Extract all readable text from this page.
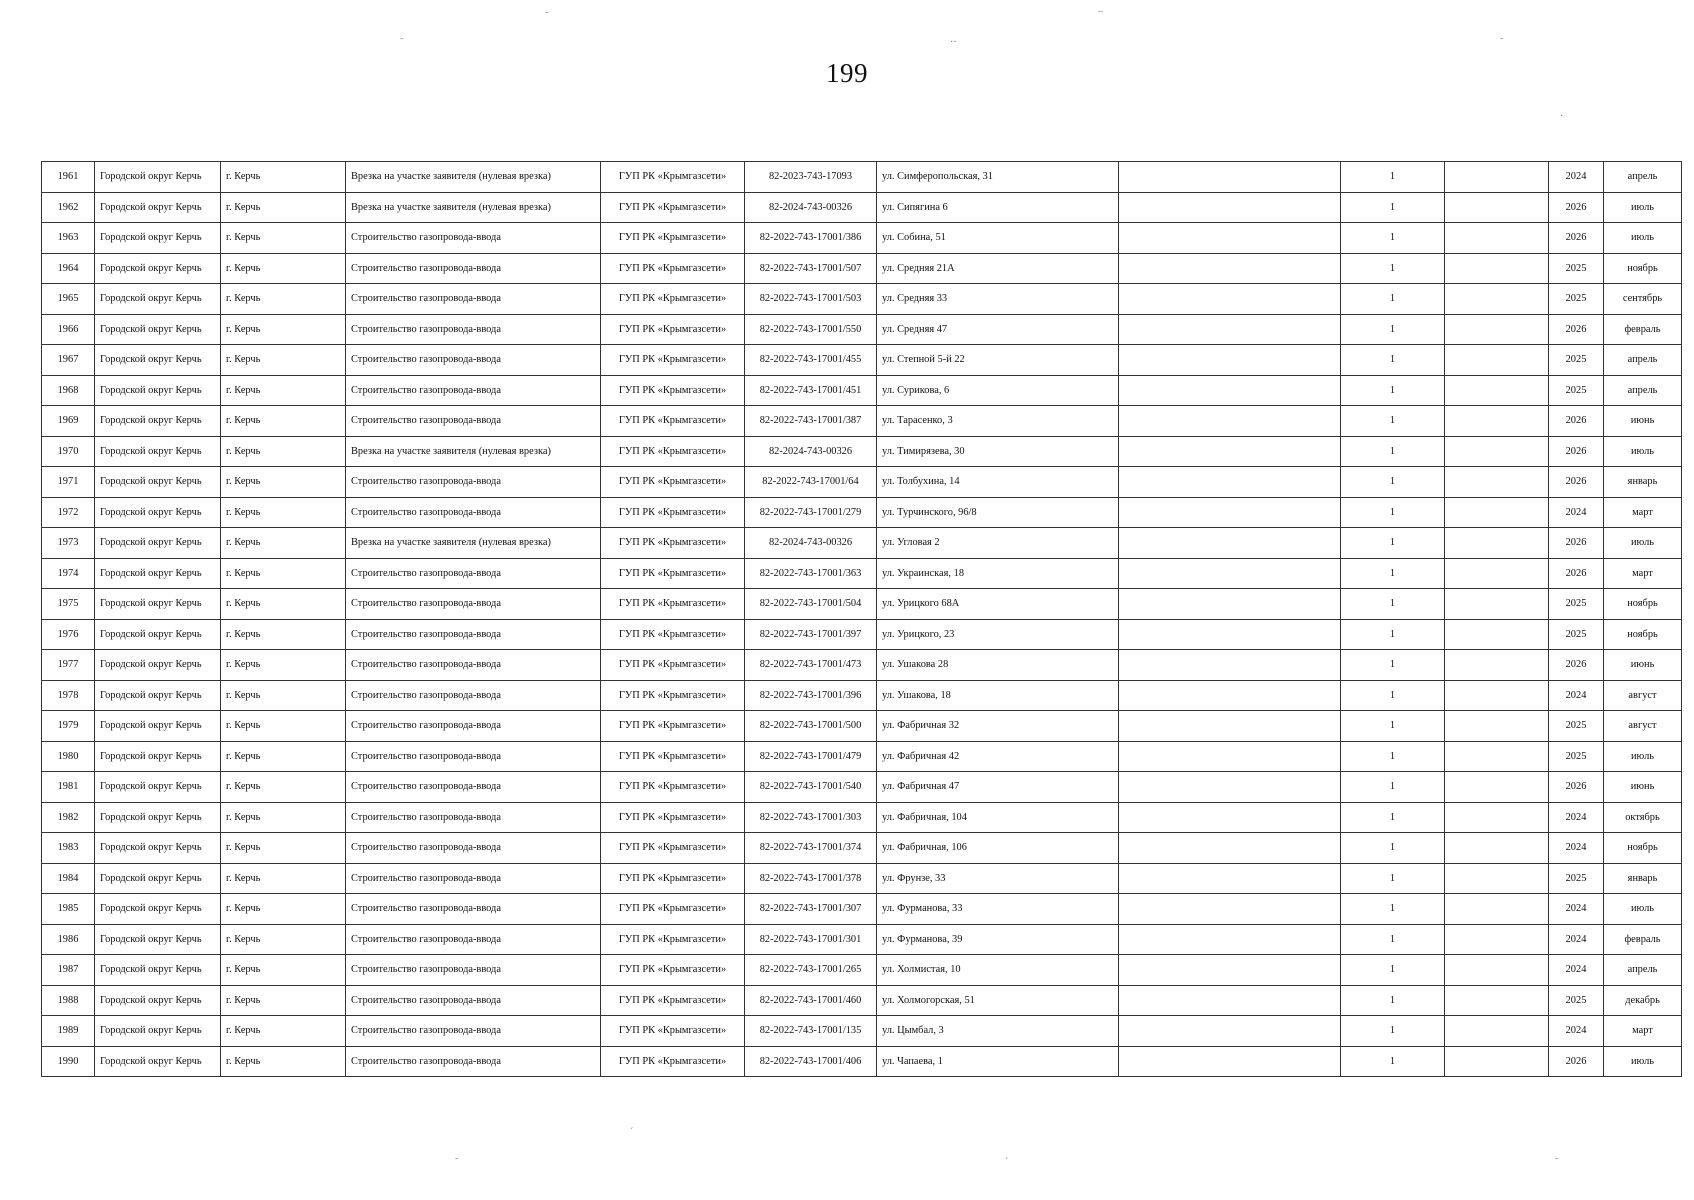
199
1961	Городской округ Керчь	г. Керчь	Врезка на участке заявителя (нулевая врезка)	ГУП РК «Крымгазсети»	82-2023-743-17093	ул. Симферопольская, 31		1		2024	апрель
1962	Городской округ Керчь	г. Керчь	Врезка на участке заявителя (нулевая врезка)	ГУП РК «Крымгазсети»	82-2024-743-00326	ул. Сипягина 6		1		2026	июль
1963	Городской округ Керчь	г. Керчь	Строительство газопровода-ввода	ГУП РК «Крымгазсети»	82-2022-743-17001/386	ул. Собина, 51		1		2026	июль
1964	Городской округ Керчь	г. Керчь	Строительство газопровода-ввода	ГУП РК «Крымгазсети»	82-2022-743-17001/507	ул. Средняя 21А		1		2025	ноябрь
1965	Городской округ Керчь	г. Керчь	Строительство газопровода-ввода	ГУП РК «Крымгазсети»	82-2022-743-17001/503	ул. Средняя 33		1		2025	сентябрь
1966	Городской округ Керчь	г. Керчь	Строительство газопровода-ввода	ГУП РК «Крымгазсети»	82-2022-743-17001/550	ул. Средняя 47		1		2026	февраль
1967	Городской округ Керчь	г. Керчь	Строительство газопровода-ввода	ГУП РК «Крымгазсети»	82-2022-743-17001/455	ул. Степной 5-й 22		1		2025	апрель
1968	Городской округ Керчь	г. Керчь	Строительство газопровода-ввода	ГУП РК «Крымгазсети»	82-2022-743-17001/451	ул. Сурикова, 6		1		2025	апрель
1969	Городской округ Керчь	г. Керчь	Строительство газопровода-ввода	ГУП РК «Крымгазсети»	82-2022-743-17001/387	ул. Тарасенко, 3		1		2026	июнь
1970	Городской округ Керчь	г. Керчь	Врезка на участке заявителя (нулевая врезка)	ГУП РК «Крымгазсети»	82-2024-743-00326	ул. Тимирязева, 30		1		2026	июль
1971	Городской округ Керчь	г. Керчь	Строительство газопровода-ввода	ГУП РК «Крымгазсети»	82-2022-743-17001/64	ул. Толбухина, 14		1		2026	январь
1972	Городской округ Керчь	г. Керчь	Строительство газопровода-ввода	ГУП РК «Крымгазсети»	82-2022-743-17001/279	ул. Турчинского, 96/8		1		2024	март
1973	Городской округ Керчь	г. Керчь	Врезка на участке заявителя (нулевая врезка)	ГУП РК «Крымгазсети»	82-2024-743-00326	ул. Угловая 2		1		2026	июль
1974	Городской округ Керчь	г. Керчь	Строительство газопровода-ввода	ГУП РК «Крымгазсети»	82-2022-743-17001/363	ул. Украинская, 18		1		2026	март
1975	Городской округ Керчь	г. Керчь	Строительство газопровода-ввода	ГУП РК «Крымгазсети»	82-2022-743-17001/504	ул. Урицкого 68А		1		2025	ноябрь
1976	Городской округ Керчь	г. Керчь	Строительство газопровода-ввода	ГУП РК «Крымгазсети»	82-2022-743-17001/397	ул. Урицкого, 23		1		2025	ноябрь
1977	Городской округ Керчь	г. Керчь	Строительство газопровода-ввода	ГУП РК «Крымгазсети»	82-2022-743-17001/473	ул. Ушакова 28		1		2026	июнь
1978	Городской округ Керчь	г. Керчь	Строительство газопровода-ввода	ГУП РК «Крымгазсети»	82-2022-743-17001/396	ул. Ушакова, 18		1		2024	август
1979	Городской округ Керчь	г. Керчь	Строительство газопровода-ввода	ГУП РК «Крымгазсети»	82-2022-743-17001/500	ул. Фабричная 32		1		2025	август
1980	Городской округ Керчь	г. Керчь	Строительство газопровода-ввода	ГУП РК «Крымгазсети»	82-2022-743-17001/479	ул. Фабричная 42		1		2025	июль
1981	Городской округ Керчь	г. Керчь	Строительство газопровода-ввода	ГУП РК «Крымгазсети»	82-2022-743-17001/540	ул. Фабричная 47		1		2026	июнь
1982	Городской округ Керчь	г. Керчь	Строительство газопровода-ввода	ГУП РК «Крымгазсети»	82-2022-743-17001/303	ул. Фабричная, 104		1		2024	октябрь
1983	Городской округ Керчь	г. Керчь	Строительство газопровода-ввода	ГУП РК «Крымгазсети»	82-2022-743-17001/374	ул. Фабричная, 106		1		2024	ноябрь
1984	Городской округ Керчь	г. Керчь	Строительство газопровода-ввода	ГУП РК «Крымгазсети»	82-2022-743-17001/378	ул. Фрунзе, 33		1		2025	январь
1985	Городской округ Керчь	г. Керчь	Строительство газопровода-ввода	ГУП РК «Крымгазсети»	82-2022-743-17001/307	ул. Фурманова, 33		1		2024	июль
1986	Городской округ Керчь	г. Керчь	Строительство газопровода-ввода	ГУП РК «Крымгазсети»	82-2022-743-17001/301	ул. Фурманова, 39		1		2024	февраль
1987	Городской округ Керчь	г. Керчь	Строительство газопровода-ввода	ГУП РК «Крымгазсети»	82-2022-743-17001/265	ул. Холмистая, 10		1		2024	апрель
1988	Городской округ Керчь	г. Керчь	Строительство газопровода-ввода	ГУП РК «Крымгазсети»	82-2022-743-17001/460	ул. Холмогорская, 51		1		2025	декабрь
1989	Городской округ Керчь	г. Керчь	Строительство газопровода-ввода	ГУП РК «Крымгазсети»	82-2022-743-17001/135	ул. Цымбал, 3		1		2024	март
1990	Городской округ Керчь	г. Керчь	Строительство газопровода-ввода	ГУП РК «Крымгазсети»	82-2022-743-17001/406	ул. Чапаева, 1		1		2026	июль
˜	¯
˜	··	˜
·
´
˜	´	˜
